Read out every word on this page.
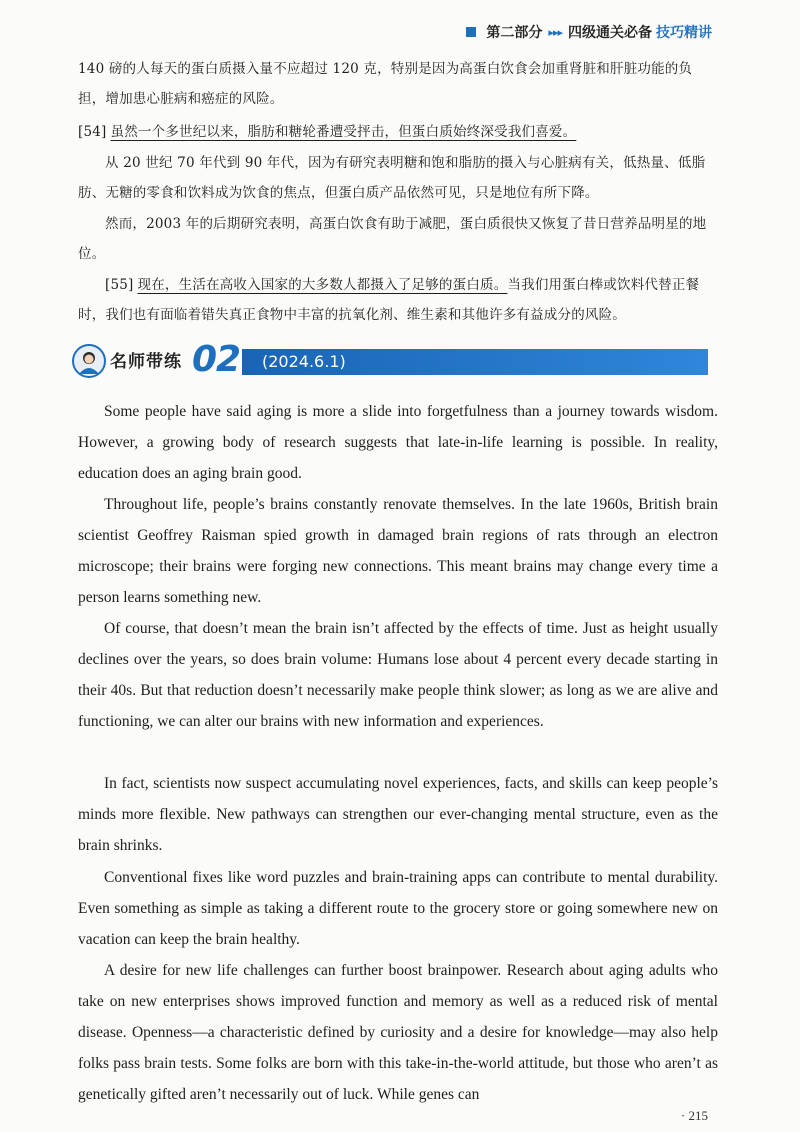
第二部分 ▸▸▸ 四级通关必备 技巧精讲

140 磅的人每天的蛋白质摄入量不应超过 120 克，特别是因为高蛋白饮食会加重肾脏和肝脏功能的负担，增加患心脏病和癌症的风险。

[54] 虽然一个多世纪以来，脂肪和糖轮番遭受抨击，但蛋白质始终深受我们喜爱。

从 20 世纪 70 年代到 90 年代，因为有研究表明糖和饱和脂肪的摄入与心脏病有关，低热量、低脂肪、无糖的零食和饮料成为饮食的焦点，但蛋白质产品依然可见，只是地位有所下降。

然而，2003 年的后期研究表明，高蛋白饮食有助于减肥，蛋白质很快又恢复了昔日营养品明星的地位。

[55] 现在，生活在高收入国家的大多数人都摄入了足够的蛋白质。当我们用蛋白棒或饮料代替正餐时，我们也有面临着错失真正食物中丰富的抗氧化剂、维生素和其他许多有益成分的风险。

名师带练 02 (2024.6.1)

Some people have said aging is more a slide into forgetfulness than a journey towards wisdom. However, a growing body of research suggests that late-in-life learning is possible. In reality, education does an aging brain good.

Throughout life, people’s brains constantly renovate themselves. In the late 1960s, British brain scientist Geoffrey Raisman spied growth in damaged brain regions of rats through an electron microscope; their brains were forging new connections. This meant brains may change every time a person learns something new.

Of course, that doesn’t mean the brain isn’t affected by the effects of time. Just as height usually declines over the years, so does brain volume: Humans lose about 4 percent every decade starting in their 40s. But that reduction doesn’t necessarily make people think slower; as long as we are alive and functioning, we can alter our brains with new information and experiences.

In fact, scientists now suspect accumulating novel experiences, facts, and skills can keep people’s minds more flexible. New pathways can strengthen our ever-changing mental structure, even as the brain shrinks.

Conventional fixes like word puzzles and brain-training apps can contribute to mental durability. Even something as simple as taking a different route to the grocery store or going somewhere new on vacation can keep the brain healthy.

A desire for new life challenges can further boost brainpower. Research about aging adults who take on new enterprises shows improved function and memory as well as a reduced risk of mental disease. Openness—a characteristic defined by curiosity and a desire for knowledge—may also help folks pass brain tests. Some folks are born with this take-in-the-world attitude, but those who aren’t as genetically gifted aren’t necessarily out of luck. While genes can

· 215
